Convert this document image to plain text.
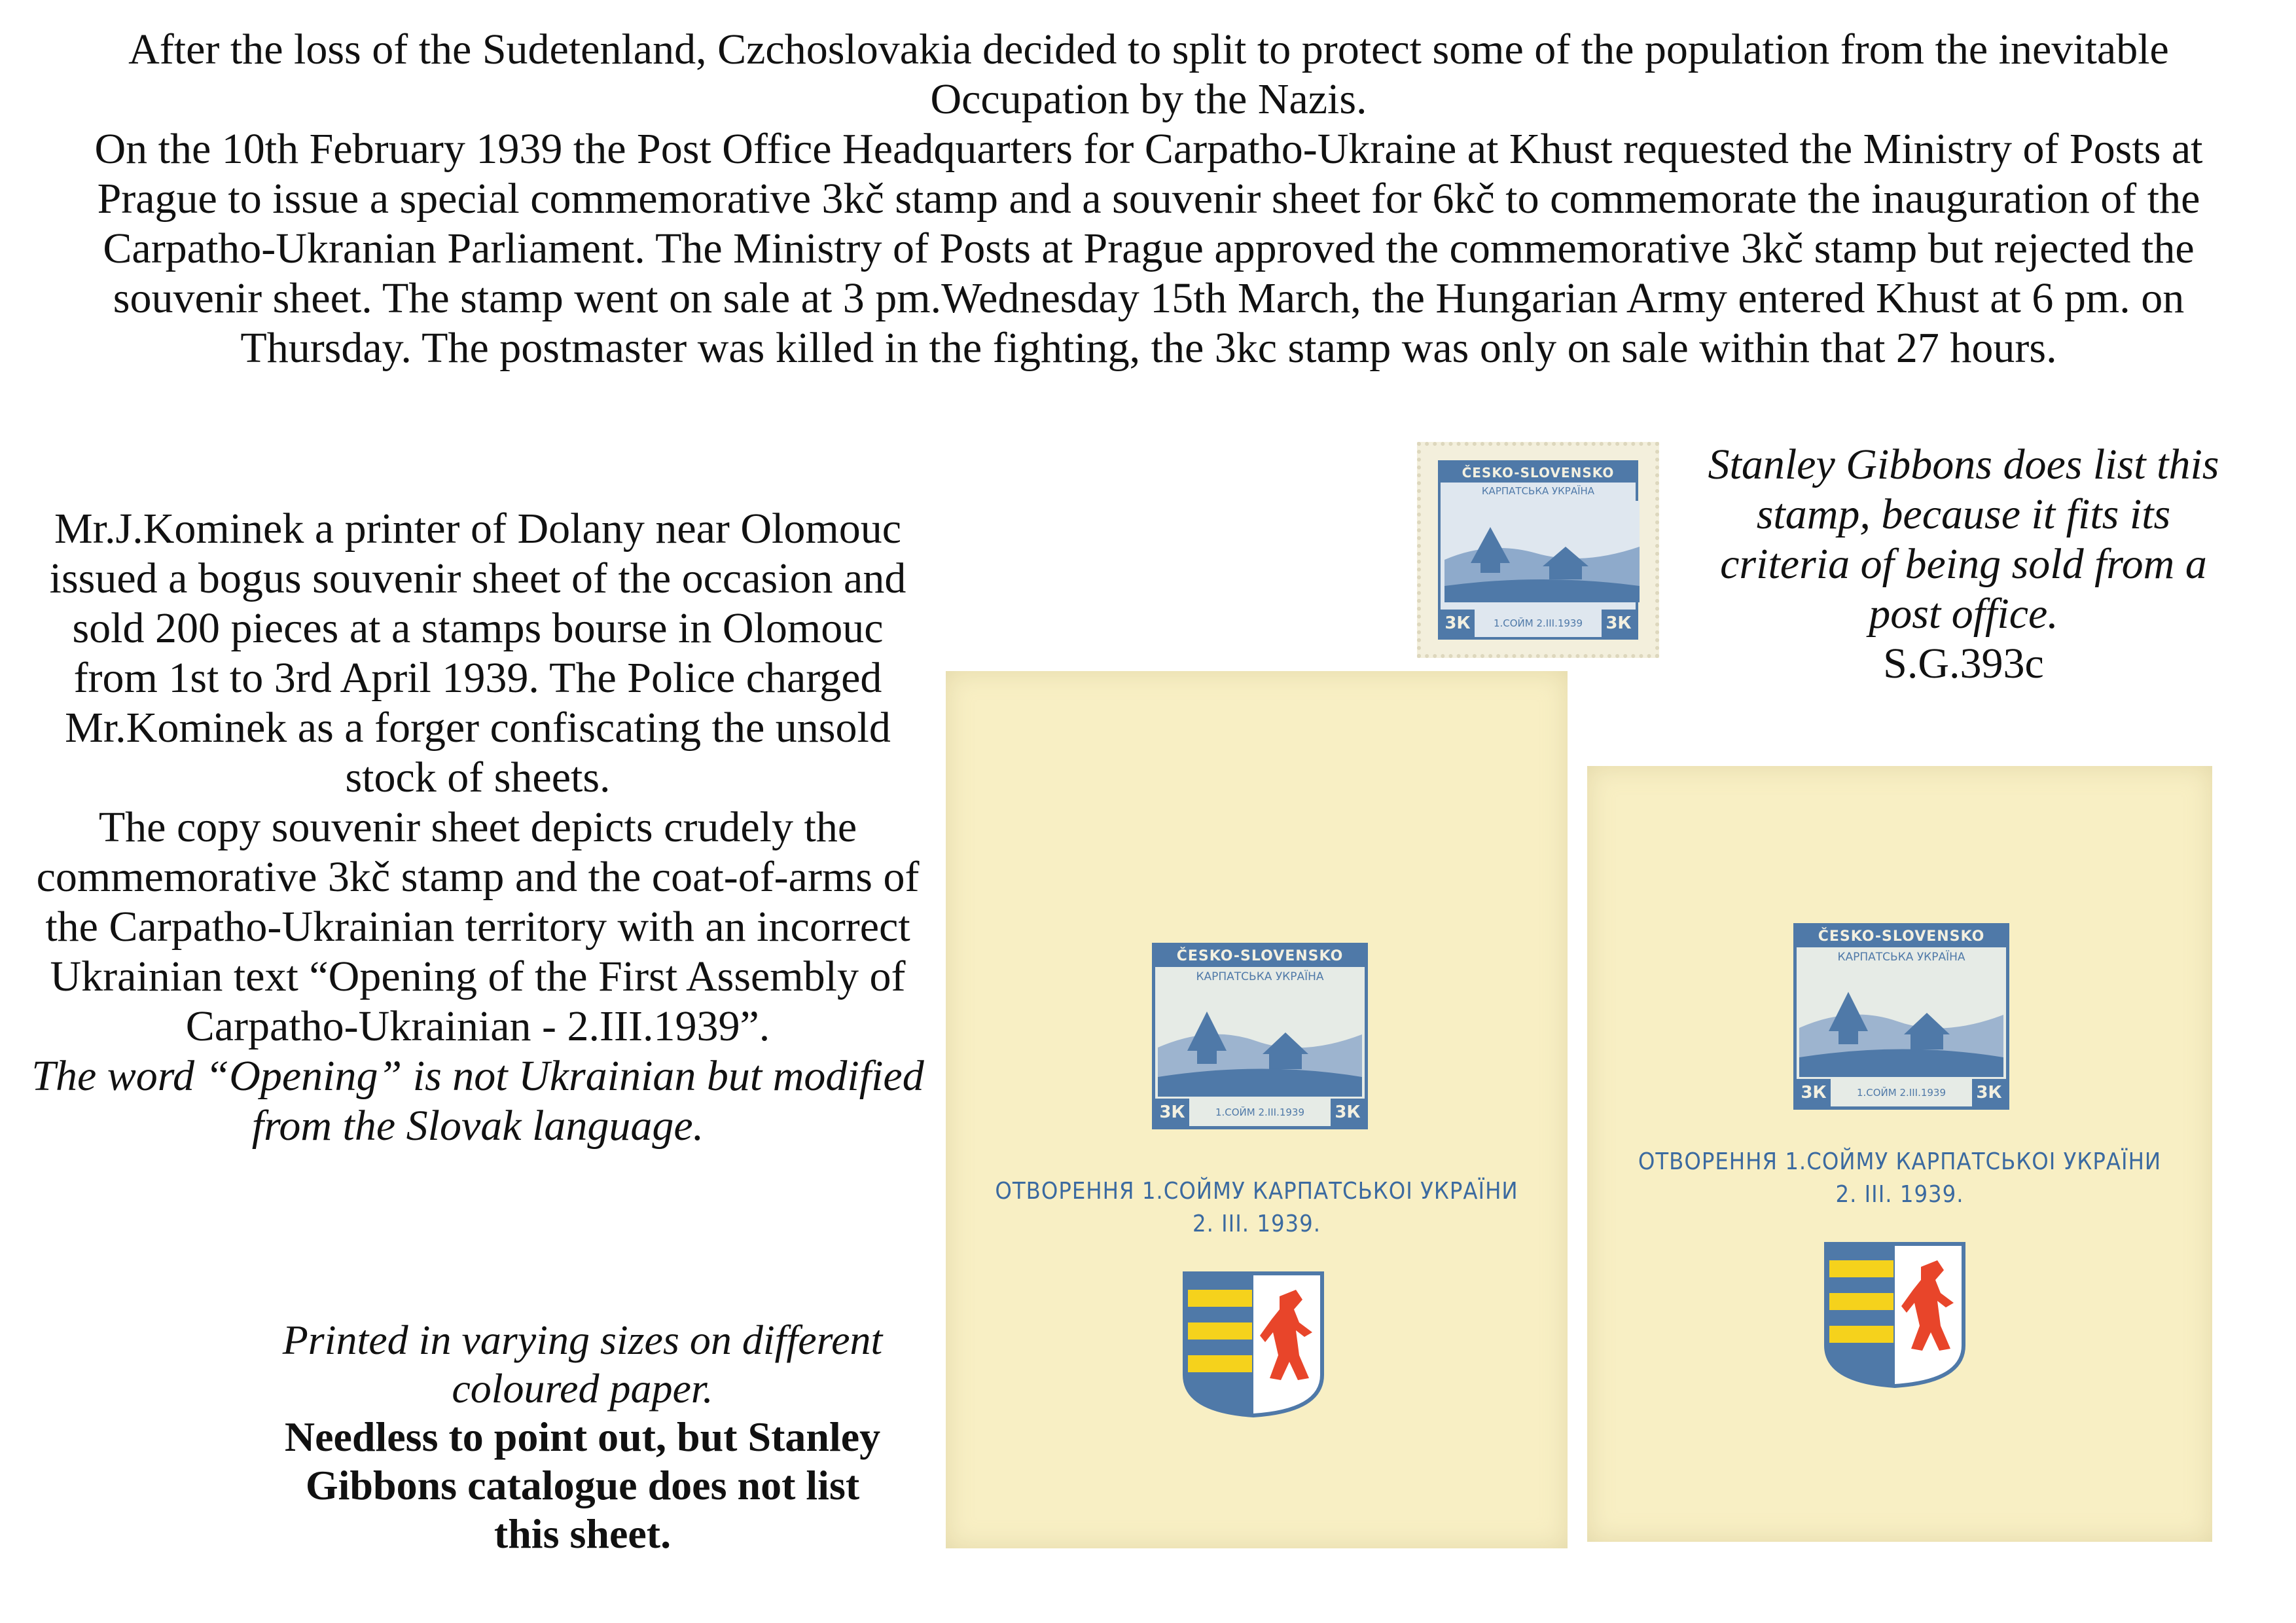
After the loss of the Sudetenland, Czchoslovakia decided to split to protect some of the population from the inevitable Occupation by the Nazis.

On the 10th February 1939 the Post Office Headquarters for Carpatho-Ukraine at Khust requested the Ministry of Posts at Prague to issue a special commemorative 3kč stamp and a souvenir sheet for 6kč to commemorate the inauguration of the Carpatho-Ukranian Parliament. The Ministry of Posts at Prague approved the commemorative 3kč stamp but rejected the souvenir sheet. The stamp went on sale at 3 pm.Wednesday 15th March, the Hungarian Army entered Khust at 6 pm. on Thursday. The postmaster was killed in the fighting, the 3kc stamp was only on sale within that 27 hours.

Mr.J.Kominek a printer of Dolany near Olomouc issued a bogus souvenir sheet of the occasion and sold 200 pieces at a stamps bourse in Olomouc from 1st to 3rd April 1939. The Police charged Mr.Kominek as a forger confiscating the unsold stock of sheets.

The copy souvenir sheet depicts crudely the commemorative 3kč stamp and the coat-of-arms of the Carpatho-Ukrainian territory with an incorrect Ukrainian text “Opening of the First Assembly of Carpatho-Ukrainian - 2.III.1939”.

The word “Opening” is not Ukrainian but modified from the Slovak language.

Printed in varying sizes on different coloured paper.

Needless to point out, but Stanley Gibbons catalogue does not list this sheet.

Stanley Gibbons does list this stamp, because it fits its criteria of being sold from a post office.

S.G.393c

ČESKO-SLOVENSKO
КАРПАТСЬКА УКРАЇНА
3К	1.СОЙМ 2.III.1939 3К
ČESKO-SLOVENSKO
КАРПАТСЬКА УКРАЇНА
3К	1.СОЙМ 2.III.1939 3К
ОТВОРЕННЯ 1.СОЙМУ КАРПАТСЬКОІ УКРАЇНИ
2. III. 1939.
ČESKO-SLOVENSKO
КАРПАТСЬКА УКРАЇНА
3К	1.СОЙМ 2.III.1939 3К
ОТВОРЕННЯ 1.СОЙМУ КАРПАТСЬКОІ УКРАЇНИ
2. III. 1939.
